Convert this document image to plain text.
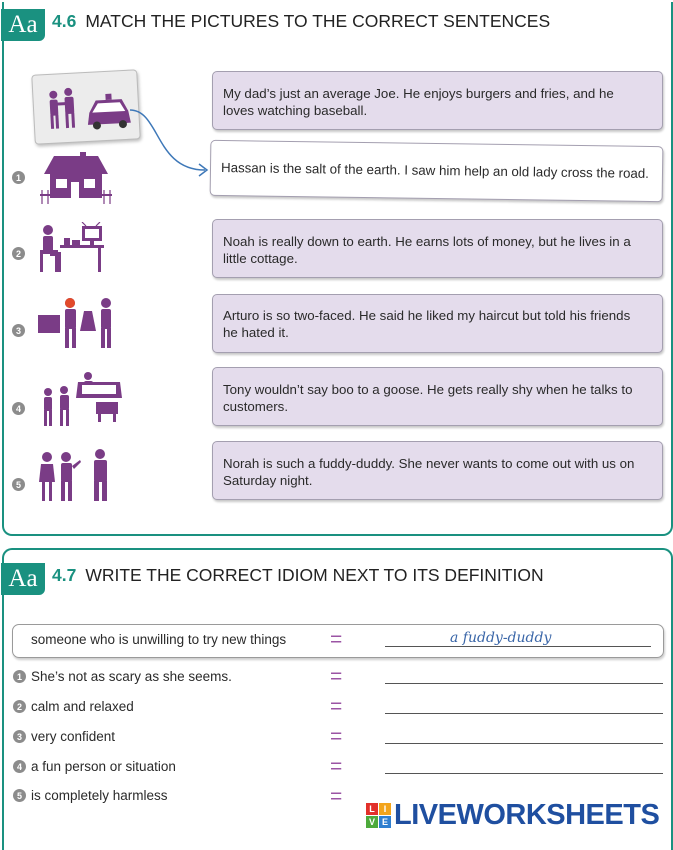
Aa 4.6 MATCH THE PICTURES TO THE CORRECT SENTENCES
1
2
3
4
5
My dad’s just an average Joe. He enjoys burgers and fries, and he loves watching baseball.
Hassan is the salt of the earth. I saw him help an old lady cross the road.
Noah is really down to earth. He earns lots of money, but he lives in a little cottage.
Arturo is so two-faced. He said he liked my haircut but told his friends he hated it.
Tony wouldn’t say boo to a goose. He gets really shy when he talks to customers.
Norah is such a fuddy-duddy. She never wants to come out with us on Saturday night.
Aa 4.7 WRITE THE CORRECT IDIOM NEXT TO ITS DEFINITION
someone who is unwilling to try new things =	a fuddy-duddy
1 She’s not as scary as she seems.	=
2 calm and relaxed	=
3 very confident	=
4 a fun person or situation	=
5 is completely harmless	=
L I
V E LIVEWORKSHEETS
